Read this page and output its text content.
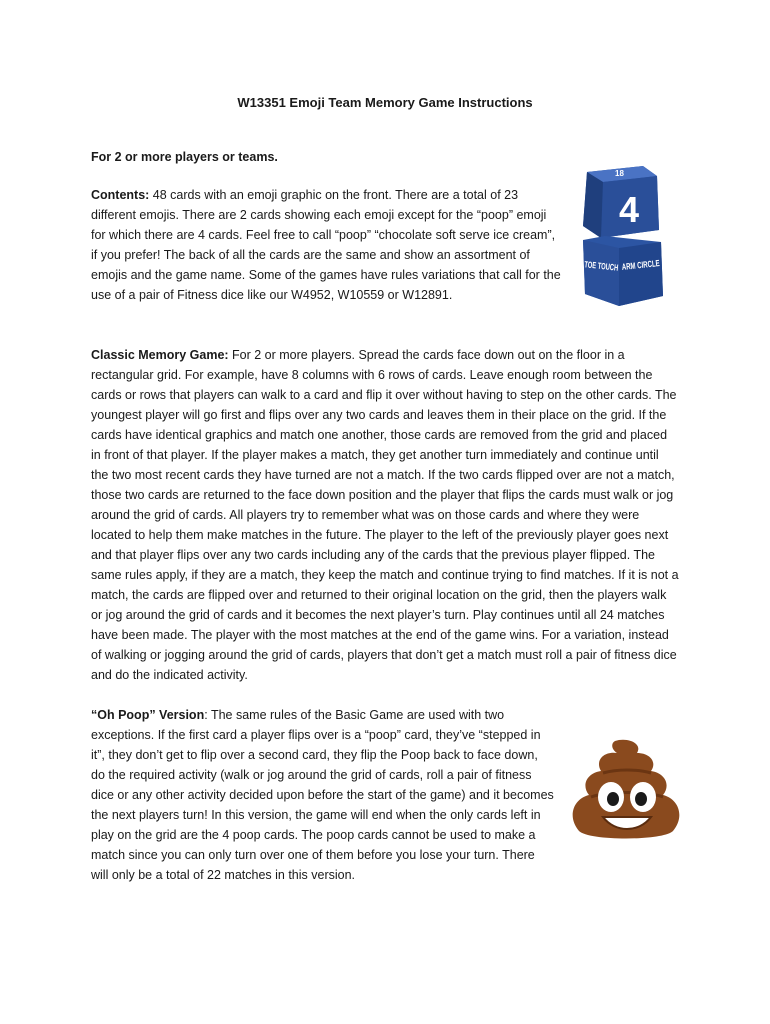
W13351 Emoji Team Memory Game Instructions

For 2 or more players or teams.

Contents: 48 cards with an emoji graphic on the front. There are a total of 23 different emojis. There are 2 cards showing each emoji except for the “poop” emoji for which there are 4 cards. Feel free to call “poop” “chocolate soft serve ice cream”, if you prefer! The back of all the cards are the same and show an assortment of emojis and the game name. Some of the games have rules variations that call for the use of a pair of Fitness dice like our W4952, W10559 or W12891.

Classic Memory Game: For 2 or more players. Spread the cards face down out on the floor in a rectangular grid. For example, have 8 columns with 6 rows of cards. Leave enough room between the cards or rows that players can walk to a card and flip it over without having to step on the other cards. The youngest player will go first and flips over any two cards and leaves them in their place on the grid. If the cards have identical graphics and match one another, those cards are removed from the grid and placed in front of that player. If the player makes a match, they get another turn immediately and continue until the two most recent cards they have turned are not a match. If the two cards flipped over are not a match, those two cards are returned to the face down position and the player that flips the cards must walk or jog around the grid of cards. All players try to remember what was on those cards and where they were located to help them make matches in the future. The player to the left of the previously player goes next and that player flips over any two cards including any of the cards that the previous player flipped. The same rules apply, if they are a match, they keep the match and continue trying to find matches. If it is not a match, the cards are flipped over and returned to their original location on the grid, then the players walk or jog around the grid of cards and it becomes the next player’s turn. Play continues until all 24 matches have been made. The player with the most matches at the end of the game wins. For a variation, instead of walking or jogging around the grid of cards, players that don’t get a match must roll a pair of fitness dice and do the indicated activity.

“Oh Poop” Version: The same rules of the Basic Game are used with two exceptions. If the first card a player flips over is a “poop” card, they’ve “stepped in it”, they don’t get to flip over a second card, they flip the Poop back to face down, do the required activity (walk or jog around the grid of cards, roll a pair of fitness dice or any other activity decided upon before the start of the game) and it becomes the next players turn! In this version, the game will end when the only cards left in play on the grid are the 4 poop cards. The poop cards cannot be used to make a match since you can only turn over one of them before you lose your turn. There will only be a total of 22 matches in this version.

18
4
TOE TOUCH
ARM CIRCLE
